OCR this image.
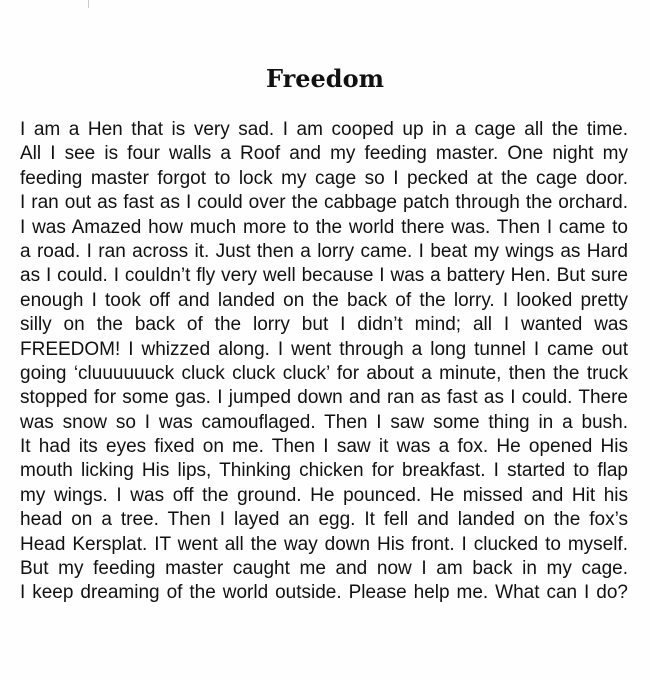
Freedom
I am a Hen that is very sad. I am cooped up in a cage all the time.
All I see is four walls a Roof and my feeding master. One night my
feeding master forgot to lock my cage so I pecked at the cage door.
I ran out as fast as I could over the cabbage patch through the orchard.
I was Amazed how much more to the world there was. Then I came to
a road. I ran across it. Just then a lorry came. I beat my wings as Hard
as I could. I couldn’t fly very well because I was a battery Hen. But sure
enough I took off and landed on the back of the lorry. I looked pretty
silly on the back of the lorry but I didn’t mind; all I wanted was
FREEDOM! I whizzed along. I went through a long tunnel I came out
going ‘cluuuuuuck cluck cluck cluck’ for about a minute, then the truck
stopped for some gas. I jumped down and ran as fast as I could. There
was snow so I was camouflaged. Then I saw some thing in a bush.
It had its eyes fixed on me. Then I saw it was a fox. He opened His
mouth licking His lips, Thinking chicken for breakfast. I started to flap
my wings. I was off the ground. He pounced. He missed and Hit his
head on a tree. Then I layed an egg. It fell and landed on the fox’s
Head Kersplat. IT went all the way down His front. I clucked to myself.
But my feeding master caught me and now I am back in my cage.
I keep dreaming of the world outside. Please help me. What can I do?
